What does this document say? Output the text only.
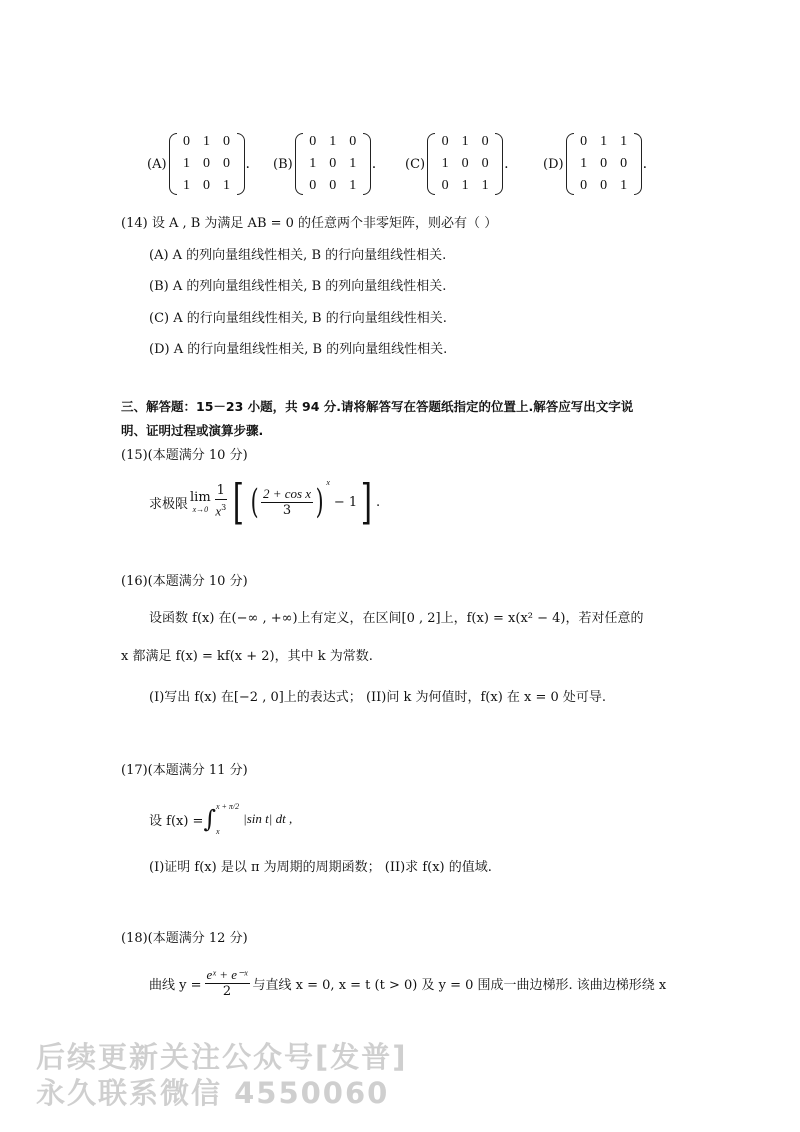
(A)
0	1	0
1	0	0
1	0	1
. (B)
0	1	0
1	0	1
0	0	1
. (C)
0	1	0
1	0	0
0	1	1
.	(D)
0	1	1
1	0	0
0	0	1
.
(14) 设 A , B 为满足 AB = 0 的任意两个非零矩阵，则必有（ ）
(A) A 的列向量组线性相关, B 的行向量组线性相关.
(B) A 的列向量组线性相关, B 的列向量组线性相关.
(C) A 的行向量组线性相关, B 的行向量组线性相关.
(D) A 的行向量组线性相关, B 的列向量组线性相关.
三、解答题：15－23 小题，共 94 分.请将解答写在答题纸指定的位置上.解答应写出文字说
明、证明过程或演算步骤.
(15)(本题满分 10 分)
求极限 lim
$x\to 0 \frac{1}{x^3}$ [ ( $\frac{\text{2 + cos x}}{3}$ ) x
− 1 ] .
(16)(本题满分 10 分)
设函数 f(x) 在(−∞ , +∞)上有定义，在区间[0 , 2]上，f(x) = x(x² − 4)，若对任意的
x 都满足 f(x) = kf(x + 2)，其中 k 为常数.
(I)写出 f(x) 在[−2 , 0]上的表达式； (II)问 k 为何值时，f(x) 在 x = 0 处可导.
(17)(本题满分 11 分)
设 f(x) = ∫ x + π/2
x
|sin t| dt ,
(I)证明 f(x) 是以 π 为周期的周期函数； (II)求 f(x) 的值域.
(18)(本题满分 12 分)
曲线 $y = \frac{\text{eˣ + e⁻ˣ}}{2}$ 与直线 x = 0, x = t (t > 0) 及 y = 0 围成一曲边梯形. 该曲边梯形绕 x
后续更新关注公众号[发普]
永久联系微信 4550060
